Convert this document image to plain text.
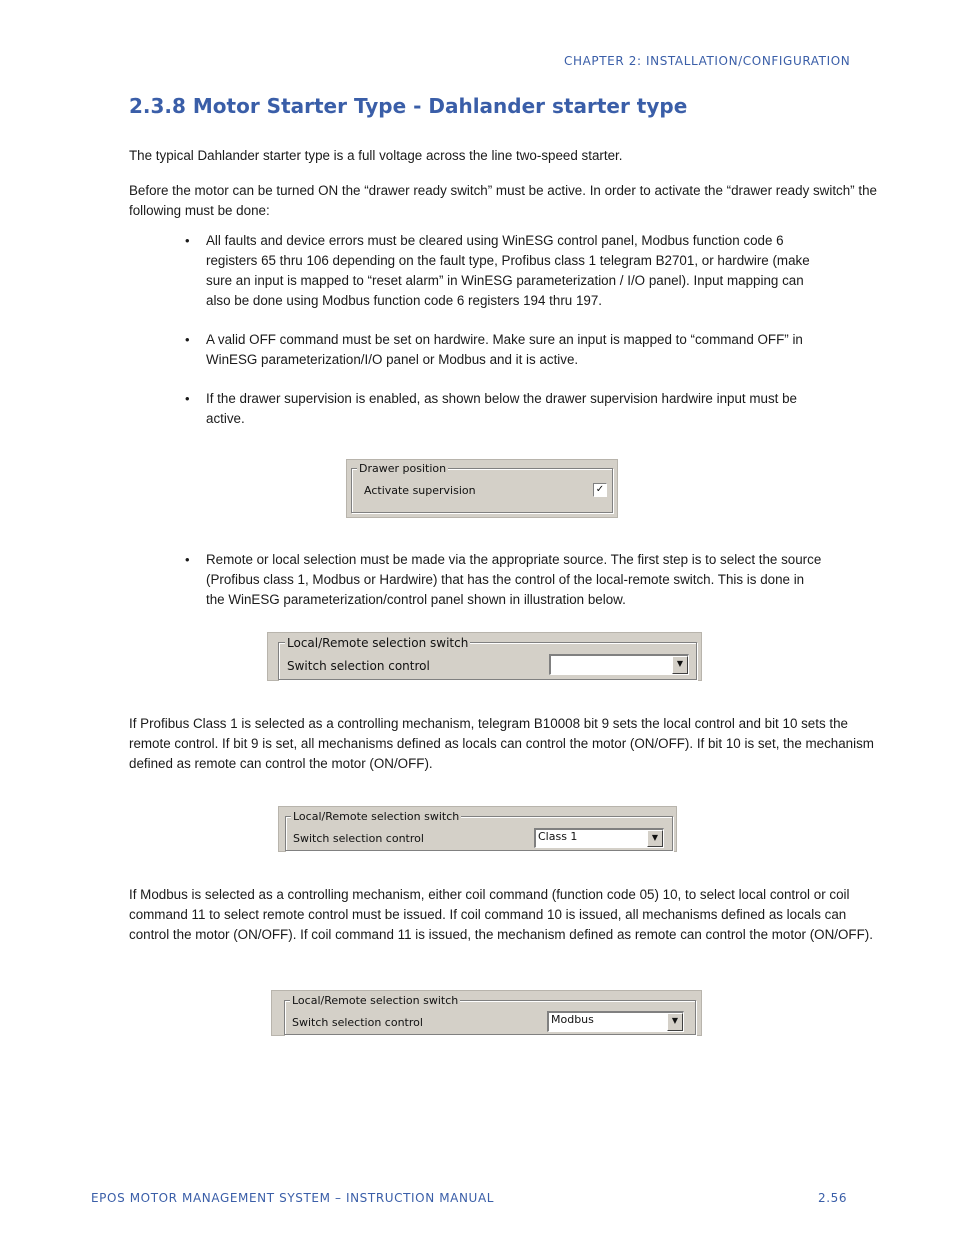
CHAPTER 2: INSTALLATION/CONFIGURATION
2.3.8 Motor Starter Type - Dahlander starter type

The typical Dahlander starter type is a full voltage across the line two-speed starter.

Before the motor can be turned ON the “drawer ready switch” must be active. In order to activate the “drawer ready switch” the following must be done:

• All faults and device errors must be cleared using WinESG control panel, Modbus function code 6 registers 65 thru 106 depending on the fault type, Profibus class 1 telegram B2701, or hardwire (make sure an input is mapped to “reset alarm” in WinESG parameterization / I/O panel). Input mapping can also be done using Modbus function code 6 registers 194 thru 197.
• A valid OFF command must be set on hardwire. Make sure an input is mapped to “command OFF” in WinESG parameterization/I/O panel or Modbus and it is active.
• If the drawer supervision is enabled, as shown below the drawer supervision hardwire input must be active.
Drawer position
Activate supervision	✓
• Remote or local selection must be made via the appropriate source. The first step is to select the source (Profibus class 1, Modbus or Hardwire) that has the control of the local-remote switch. This is done in the WinESG parameterization/control panel shown in illustration below.
Local/Remote selection switch
Switch selection control	▼

If Profibus Class 1 is selected as a controlling mechanism, telegram B10008 bit 9 sets the local control and bit 10 sets the remote control. If bit 9 is set, all mechanisms defined as locals can control the motor (ON/OFF). If bit 10 is set, the mechanism defined as remote can control the motor (ON/OFF).

Local/Remote selection switch
Switch selection control	Class 1	▼

If Modbus is selected as a controlling mechanism, either coil command (function code 05) 10, to select local control or coil command 11 to select remote control must be issued. If coil command 10 is issued, all mechanisms defined as locals can control the motor (ON/OFF). If coil command 11 is issued, the mechanism defined as remote can control the motor (ON/OFF).

Local/Remote selection switch
Switch selection control	Modbus	▼
EPOS MOTOR MANAGEMENT SYSTEM – INSTRUCTION MANUAL	2.56
